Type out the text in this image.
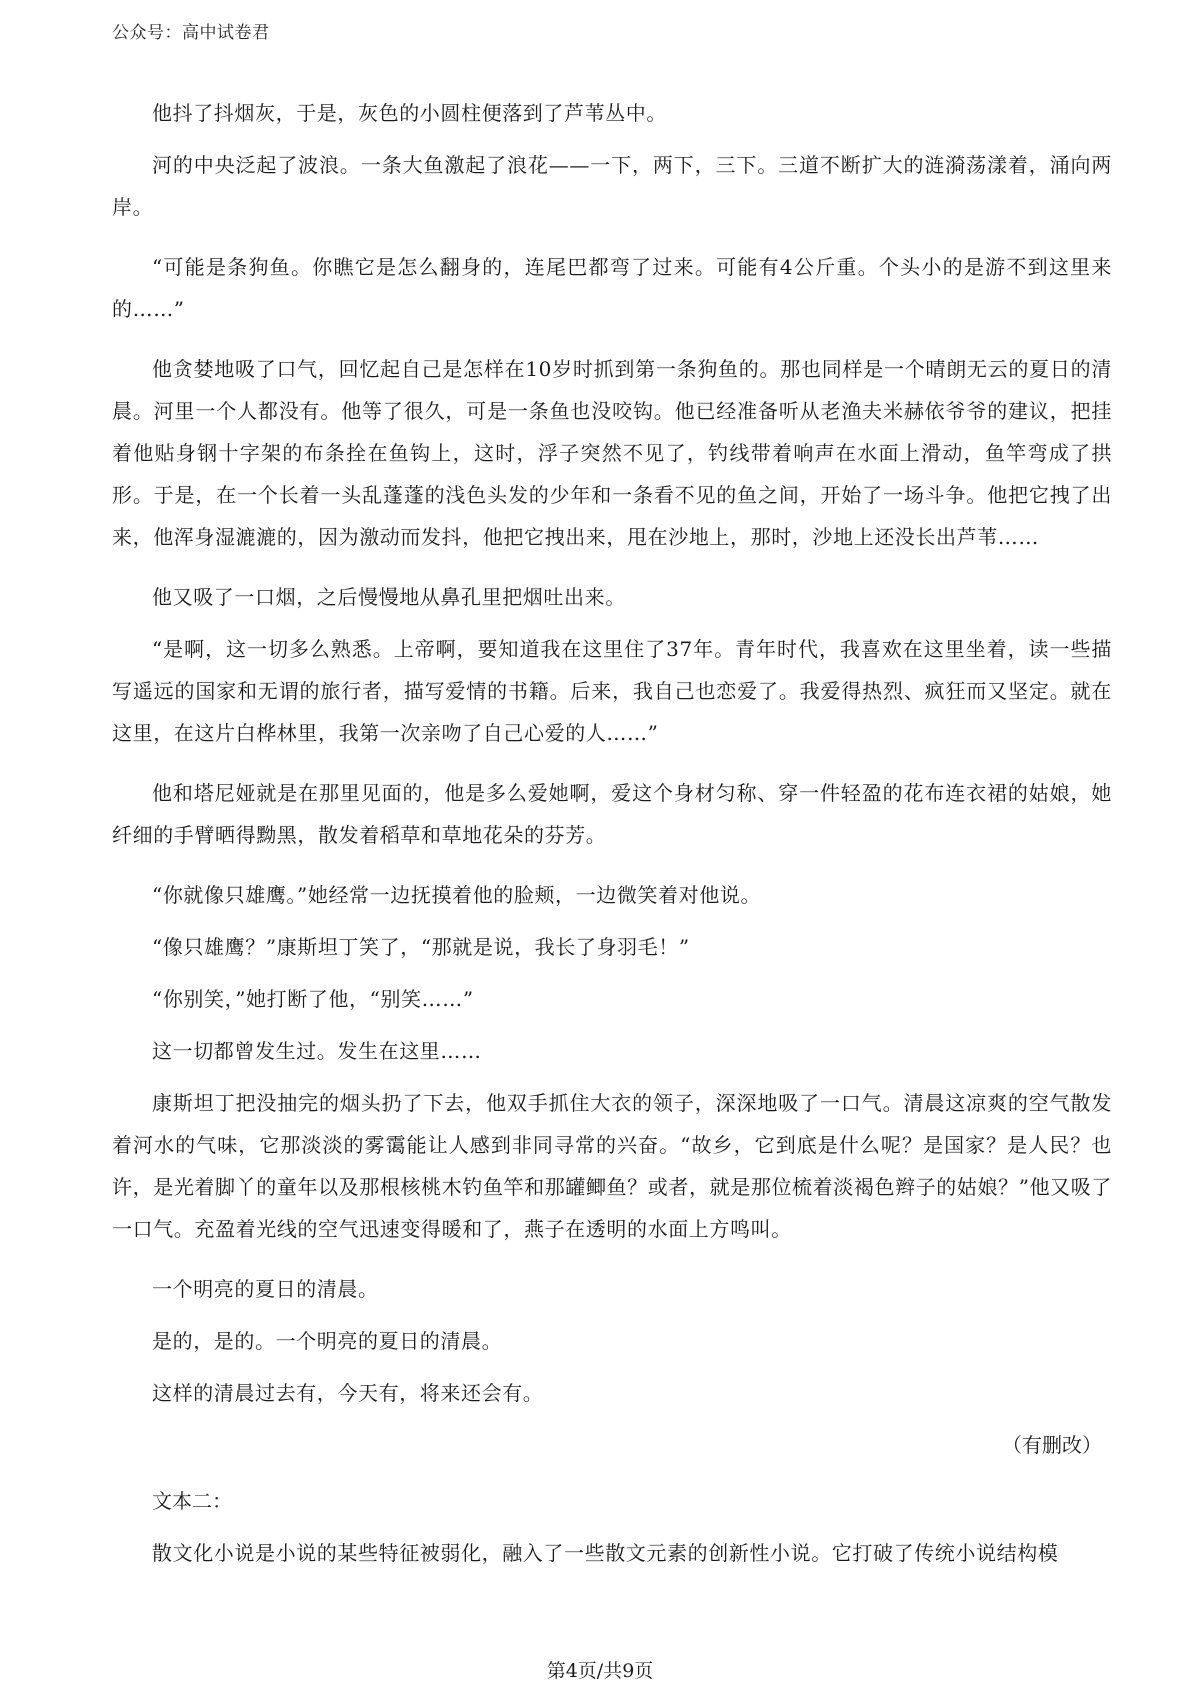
公众号：高中试卷君

他抖了抖烟灰，于是，灰色的小圆柱便落到了芦苇丛中。

河的中央泛起了波浪。一条大鱼激起了浪花——一下，两下，三下。三道不断扩大的涟漪荡漾着，涌向两岸。

“可能是条狗鱼。你瞧它是怎么翻身的，连尾巴都弯了过来。可能有4公斤重。个头小的是游不到这里来的……”

他贪婪地吸了口气，回忆起自己是怎样在10岁时抓到第一条狗鱼的。那也同样是一个晴朗无云的夏日的清晨。河里一个人都没有。他等了很久，可是一条鱼也没咬钩。他已经准备听从老渔夫米赫依爷爷的建议，把挂着他贴身钢十字架的布条拴在鱼钩上，这时，浮子突然不见了，钓线带着响声在水面上滑动，鱼竿弯成了拱形。于是，在一个长着一头乱蓬蓬的浅色头发的少年和一条看不见的鱼之间，开始了一场斗争。他把它拽了出来，他浑身湿漉漉的，因为激动而发抖，他把它拽出来，甩在沙地上，那时，沙地上还没长出芦苇……

他又吸了一口烟，之后慢慢地从鼻孔里把烟吐出来。

“是啊，这一切多么熟悉。上帝啊，要知道我在这里住了37年。青年时代，我喜欢在这里坐着，读一些描写遥远的国家和无谓的旅行者，描写爱情的书籍。后来，我自己也恋爱了。我爱得热烈、疯狂而又坚定。就在这里，在这片白桦林里，我第一次亲吻了自己心爱的人……”

他和塔尼娅就是在那里见面的，他是多么爱她啊，爱这个身材匀称、穿一件轻盈的花布连衣裙的姑娘，她纤细的手臂晒得黝黑，散发着稻草和草地花朵的芬芳。

“你就像只雄鹰。”她经常一边抚摸着他的脸颊，一边微笑着对他说。

“像只雄鹰？”康斯坦丁笑了，“那就是说，我长了身羽毛！”

“你别笑，”她打断了他，“别笑……”

这一切都曾发生过。发生在这里……

康斯坦丁把没抽完的烟头扔了下去，他双手抓住大衣的领子，深深地吸了一口气。清晨这凉爽的空气散发着河水的气味，它那淡淡的雾霭能让人感到非同寻常的兴奋。“故乡，它到底是什么呢？是国家？是人民？也许，是光着脚丫的童年以及那根核桃木钓鱼竿和那罐鲫鱼？或者，就是那位梳着淡褐色辫子的姑娘？”他又吸了一口气。充盈着光线的空气迅速变得暖和了，燕子在透明的水面上方鸣叫。

一个明亮的夏日的清晨。

是的，是的。一个明亮的夏日的清晨。

这样的清晨过去有，今天有，将来还会有。

（有删改）

文本二：

散文化小说是小说的某些特征被弱化，融入了一些散文元素的创新性小说。它打破了传统小说结构模

第4页/共9页
